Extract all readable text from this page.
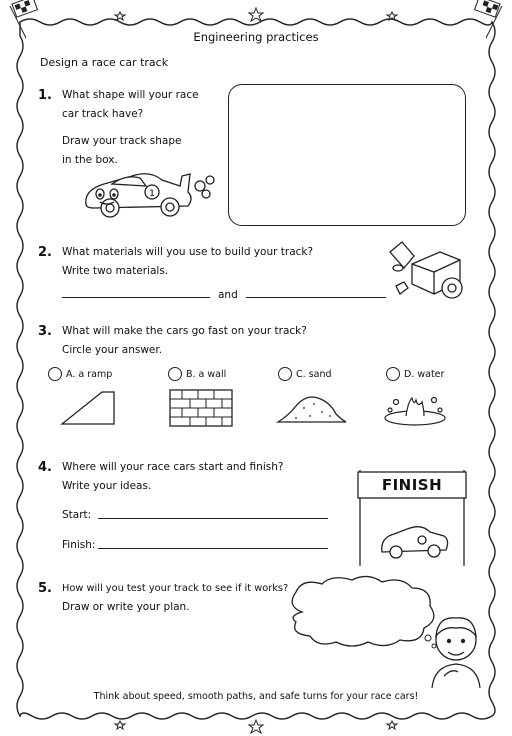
Engineering practices
Design a race car track
1. What shape will your race
car track have?
Draw your track shape
in the box.
1
2. What materials will you use to build your track?
Write two materials.
and
3. What will make the cars go fast on your track?
Circle your answer.
A. a ramp	B. a wall	C. sand	D. water
4. Where will your race cars start and finish?
Write your ideas.
Start:
Finish:
FINISH
5. How will you test your track to see if it works?
Draw or write your plan.
Think about speed, smooth paths, and safe turns for your race cars!
